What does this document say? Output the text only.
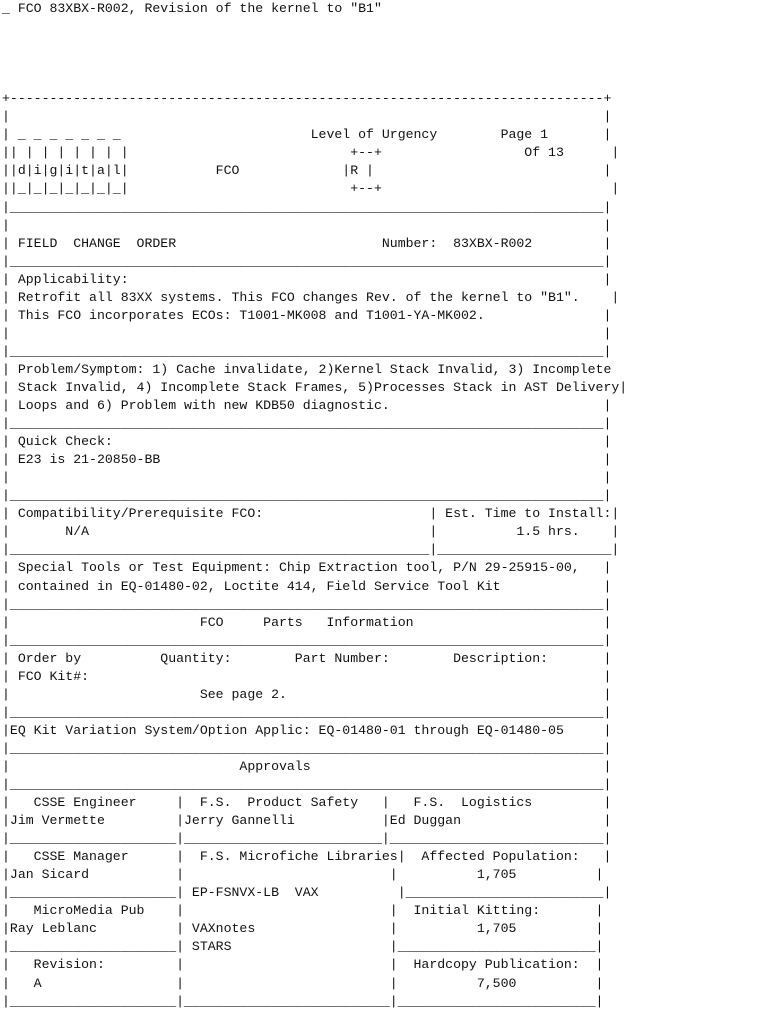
_ FCO 83XBX-R002, Revision of the kernel to "B1"
+---------------------------------------------------------------------------+
|                                                                           |
| _ _ _ _ _ _ _                        Level of Urgency        Page 1       |
|| | | | | | | |                            +--+                  Of 13      |
||d|i|g|i|t|a|l|           FCO             |R |                             |
||_|_|_|_|_|_|_|                            +--+                             |
|___________________________________________________________________________|
|                                                                           |
| FIELD  CHANGE  ORDER                          Number:  83XBX-R002         |
|___________________________________________________________________________|
| Applicability:                                                            |
| Retrofit all 83XX systems. This FCO changes Rev. of the kernel to "B1".    |
| This FCO incorporates ECOs: T1001-MK008 and T1001-YA-MK002.               |
|                                                                           |
|___________________________________________________________________________|
| Problem/Symptom: 1) Cache invalidate, 2)Kernel Stack Invalid, 3) Incomplete
| Stack Invalid, 4) Incomplete Stack Frames, 5)Processes Stack in AST Delivery|
| Loops and 6) Problem with new KDB50 diagnostic.                           |
|___________________________________________________________________________|
| Quick Check:                                                              |
| E23 is 21-20850-BB                                                        |
|                                                                           |
|___________________________________________________________________________|
| Compatibility/Prerequisite FCO:                     | Est. Time to Install:|
|       N/A                                           |          1.5 hrs.    |
|_____________________________________________________|______________________|
| Special Tools or Test Equipment: Chip Extraction tool, P/N 29-25915-00,   |
| contained in EQ-01480-02, Loctite 414, Field Service Tool Kit             |
|___________________________________________________________________________|
|                        FCO     Parts   Information                        |
|___________________________________________________________________________|
| Order by          Quantity:        Part Number:        Description:       |
| FCO Kit#:                                                                 |
|                        See page 2.                                        |
|___________________________________________________________________________|
|EQ Kit Variation System/Option Applic: EQ-01480-01 through EQ-01480-05     |
|___________________________________________________________________________|
|                             Approvals                                     |
|___________________________________________________________________________|
|   CSSE Engineer     |  F.S.  Product Safety   |   F.S.  Logistics         |
|Jim Vermette         |Jerry Gannelli           |Ed Duggan                  |
|_____________________|_________________________|___________________________|
|   CSSE Manager      |  F.S. Microfiche Libraries|  Affected Population:   |
|Jan Sicard           |                          |          1,705          |
|_____________________| EP-FSNVX-LB  VAX          |_________________________|
|   MicroMedia Pub    |                          |  Initial Kitting:       |
|Ray Leblanc          | VAXnotes                 |          1,705          |
|_____________________| STARS                    |_________________________|
|   Revision:         |                          |  Hardcopy Publication:  |
|   A                 |                          |          7,500          |
|_____________________|__________________________|_________________________|
